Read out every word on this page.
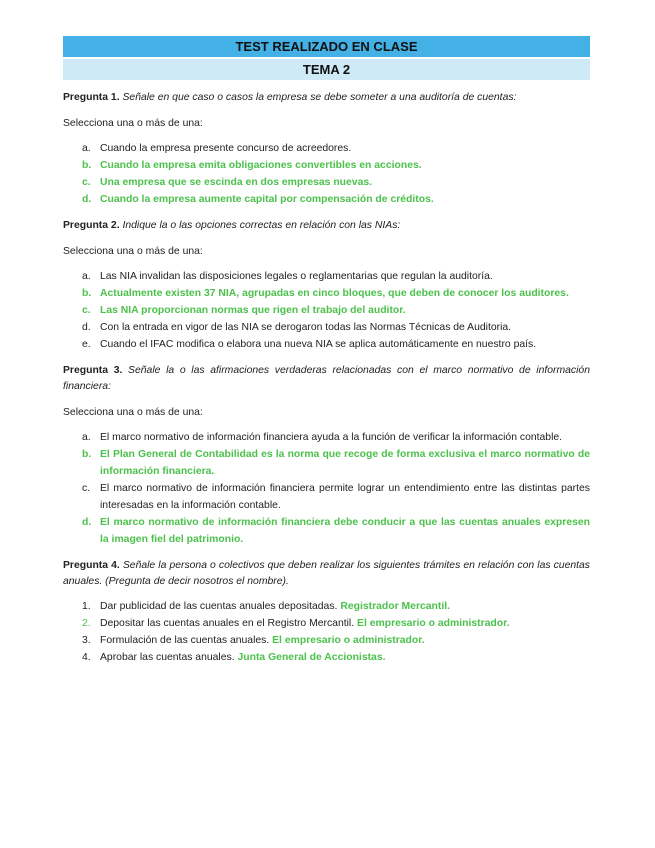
TEST REALIZADO EN CLASE
TEMA 2
Pregunta 1. Señale en que caso o casos la empresa se debe someter a una auditoría de cuentas:
Selecciona una o más de una:
a. Cuando la empresa presente concurso de acreedores.
b. Cuando la empresa emita obligaciones convertibles en acciones.
c. Una empresa que se escinda en dos empresas nuevas.
d. Cuando la empresa aumente capital por compensación de créditos.
Pregunta 2. Indique la o las opciones correctas en relación con las NIAs:
Selecciona una o más de una:
a. Las NIA invalidan las disposiciones legales o reglamentarias que regulan la auditoría.
b. Actualmente existen 37 NIA, agrupadas en cinco bloques, que deben de conocer los auditores.
c. Las NIA proporcionan normas que rigen el trabajo del auditor.
d. Con la entrada en vigor de las NIA se derogaron todas las Normas Técnicas de Auditoria.
e. Cuando el IFAC modifica o elabora una nueva NIA se aplica automáticamente en nuestro país.
Pregunta 3. Señale la o las afirmaciones verdaderas relacionadas con el marco normativo de información financiera:
Selecciona una o más de una:
a. El marco normativo de información financiera ayuda a la función de verificar la información contable.
b. El Plan General de Contabilidad es la norma que recoge de forma exclusiva el marco normativo de información financiera.
c. El marco normativo de información financiera permite lograr un entendimiento entre las distintas partes interesadas en la información contable.
d. El marco normativo de información financiera debe conducir a que las cuentas anuales expresen la imagen fiel del patrimonio.
Pregunta 4. Señale la persona o colectivos que deben realizar los siguientes trámites en relación con las cuentas anuales. (Pregunta de decir nosotros el nombre).
1. Dar publicidad de las cuentas anuales depositadas. Registrador Mercantil.
2. Depositar las cuentas anuales en el Registro Mercantil. El empresario o administrador.
3. Formulación de las cuentas anuales. El empresario o administrador.
4. Aprobar las cuentas anuales. Junta General de Accionistas.
